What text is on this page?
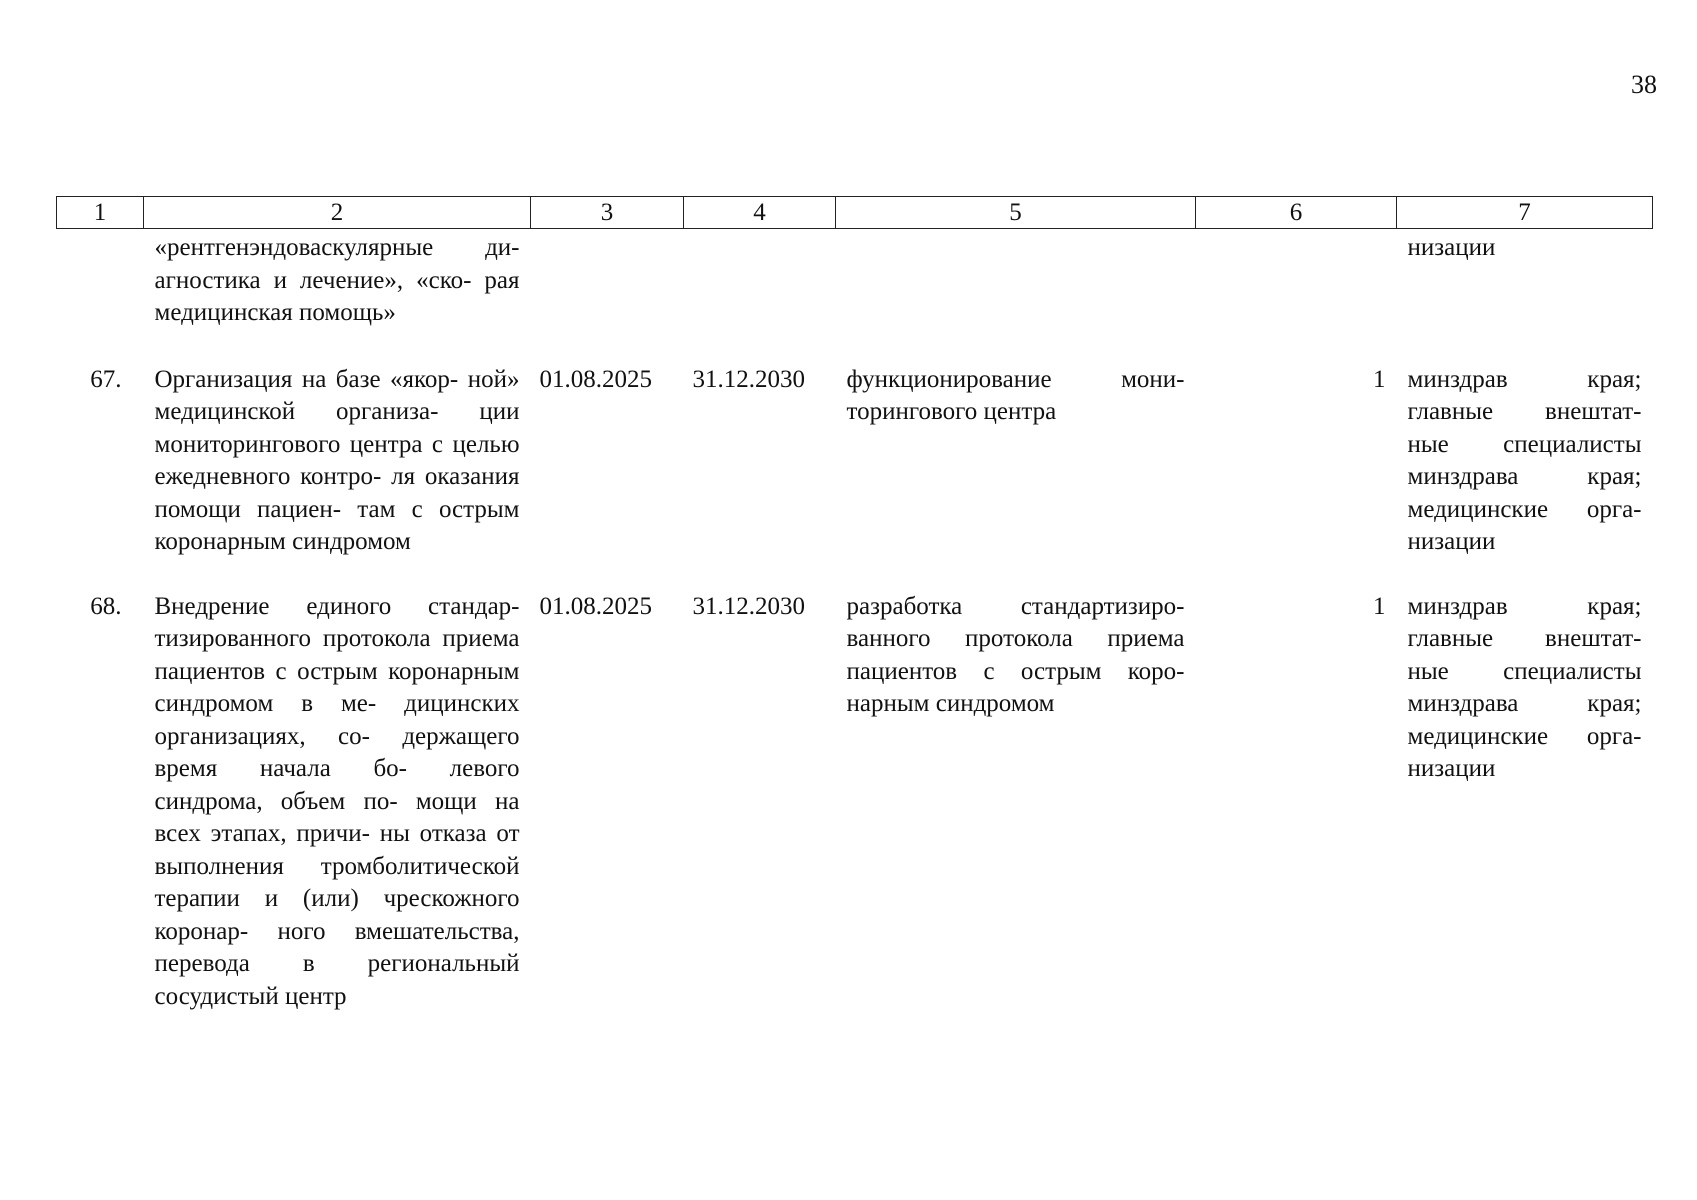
38
1	2	3	4	5	6	7
	«рентгенэндоваскулярные ди- агностика и лечение», «ско- рая медицинская помощь»					низации
67.	Организация на базе «якор- ной» медицинской организа- ции мониторингового центра с целью ежедневного контро- ля оказания помощи пациен- там с острым коронарным синдромом	01.08.2025	31.12.2030	функционирование мони- торингового центра	1	минздрав края; главные внештат- ные специалисты минздрава края; медицинские орга- низации
68.	Внедрение единого стандар- тизированного протокола приема пациентов с острым коронарным синдромом в ме- дицинских организациях, со- держащего время начала бо- левого синдрома, объем по- мощи на всех этапах, причи- ны отказа от выполнения тромболитической терапии и (или) чрескожного коронар- ного вмешательства, перевода в региональный сосудистый центр	01.08.2025	31.12.2030	разработка стандартизиро- ванного протокола приема пациентов с острым коро- нарным синдромом	1	минздрав края; главные внештат- ные специалисты минздрава края; медицинские орга- низации
